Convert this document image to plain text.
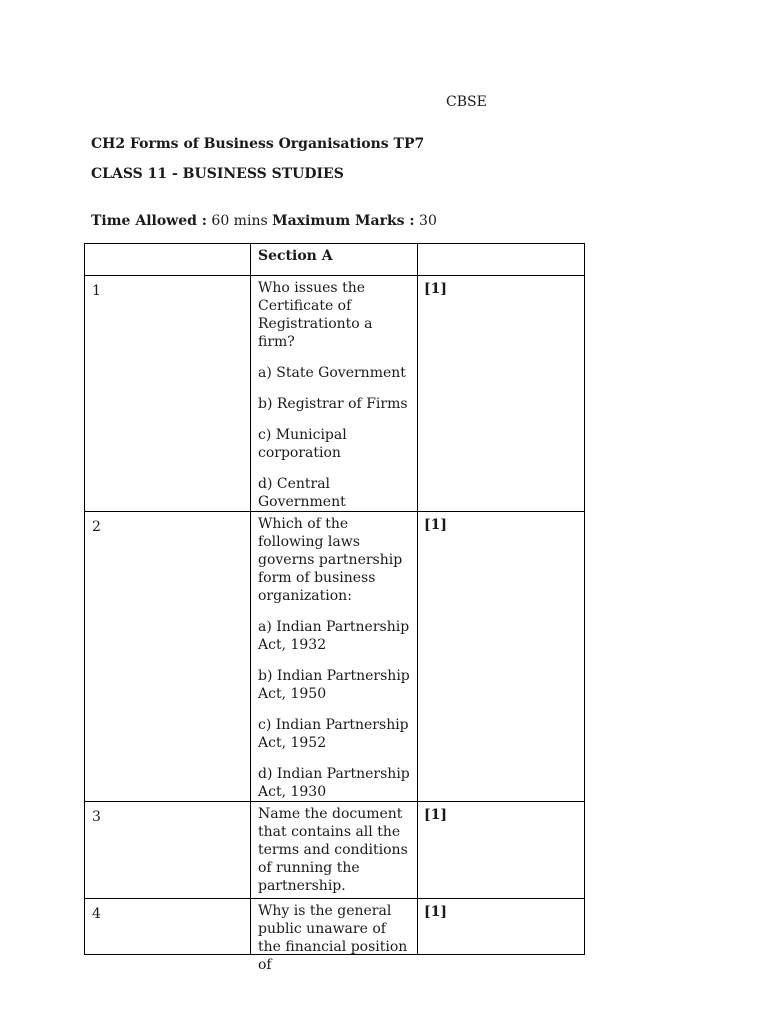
CBSE
CH2 Forms of Business Organisations TP7
CLASS 11 - BUSINESS STUDIES
Time Allowed : 60 mins Maximum Marks : 30

	Section A	

1	Who issues the Certificate of Registrationto a firm?

a) State Government

b) Registrar of Firms

c) Municipal corporation

d) Central Government	[1]

2	Which of the following laws governs partnership form of business organization:

a) Indian Partnership Act, 1932

b) Indian Partnership Act, 1950

c) Indian Partnership Act, 1952

d) Indian Partnership Act, 1930	[1]

3	Name the document that contains all the terms and conditions of running the partnership.	[1]

4	Why is the general public unaware of the financial position of	[1]
